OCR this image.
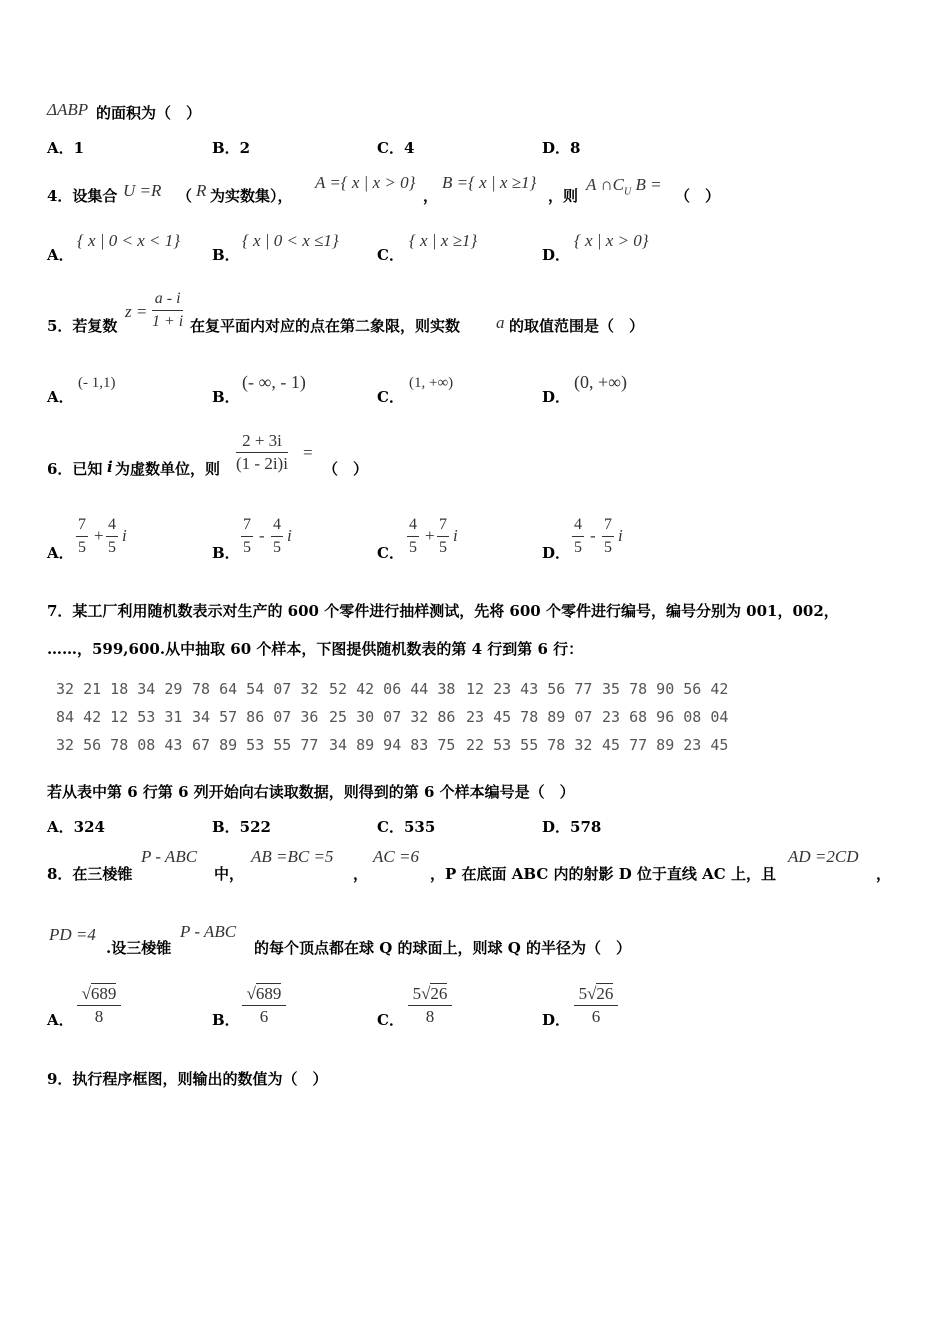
ΔABP 的面积为（　）
A．1	B．2	C．4	D．8
4．设集合 U =R （ R 为实数集），
A ={ x | x > 0}
，
B ={ x | x ≥1}
，则
A $\cap C_U$ B =
（　）
A．
{ x | 0 < x < 1}
B．
{ x | 0 < x ≤1}
C．
{ x | x ≥1}
D．
{ x | x > 0}
5．若复数
$z = \frac{a - i}{1 + i}$ 在复平面内对应的点在第二象限，则实数 a 的取值范围是（　）
A．
(- 1,1)
B．
(- ∞, - 1)
C．
(1, +∞)
D．
(0, +∞)
6．已知 i 为虚数单位，则 $\frac{2 + 3i}{(1 - 2i)i}$ =
（　）
A． $\frac{7}{5} + \frac{4}{5}$ i
B． $\frac{7}{5} - \frac{4}{5}$ i
C． $\frac{4}{5} + \frac{7}{5}$ i
D． $\frac{4}{5} - \frac{7}{5}$ i
7．某工厂利用随机数表示对生产的 600 个零件进行抽样测试，先将 600 个零件进行编号，编号分别为 001，002，
……，599,600.从中抽取 60 个样本，下图提供随机数表的第 4 行到第 6 行：
32 21 18 34 29 78 64 54 07 32 52 42 06 44 38 12 23 43 56 77 35 78 90 56 42
84 42 12 53 31 34 57 86 07 36 25 30 07 32 86 23 45 78 89 07 23 68 96 08 04
32 56 78 08 43 67 89 53 55 77 34 89 94 83 75 22 53 55 78 32 45 77 89 23 45
若从表中第 6 行第 6 列开始向右读取数据，则得到的第 6 个样本编号是（　）
A．324	B．522	C．535	D．578
8．在三棱锥
P - ABC
中，
AB =BC =5
，
AC =6
，P 在底面 ABC 内的射影 D 位于直线 AC 上，且
AD =2CD
，
PD =4
.设三棱锥
P - ABC
的每个顶点都在球 Q 的球面上，则球 Q 的半径为（　）
A． $\frac{√689}{8}$	B． $\frac{√689}{6}$	C． $\frac{5√26}{8}$	D． $\frac{5√26}{6}$
9．执行程序框图，则输出的数值为（　）
